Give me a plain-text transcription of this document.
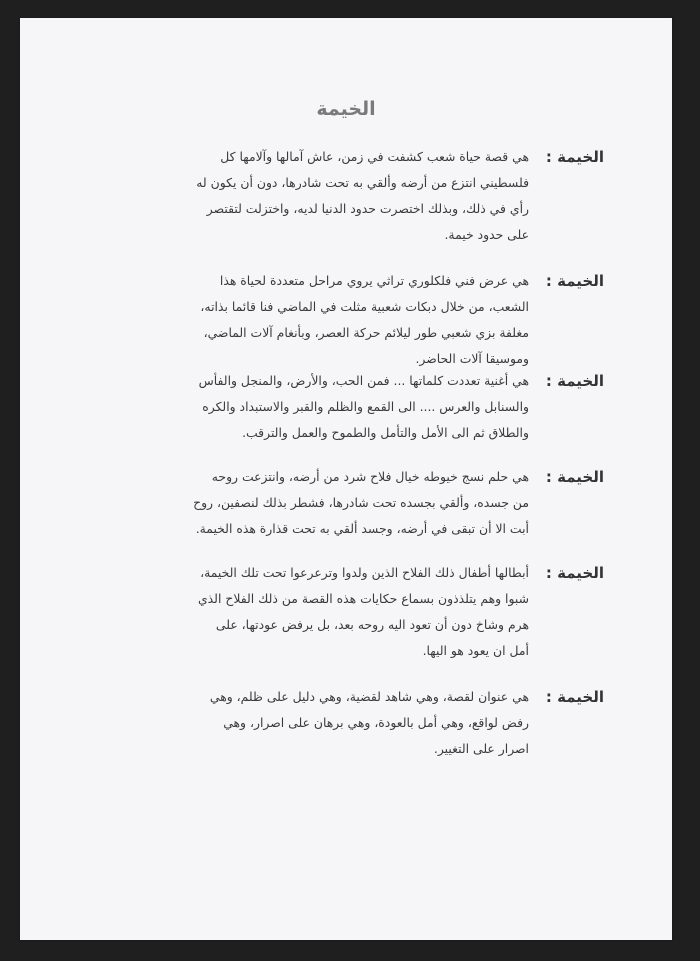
الخيمة
الخيمة :
هي قصة حياة شعب كشفت في زمن، عاش آمالها وآلامها كل
فلسطيني انتزع من أرضه وألقي به تحت شادرها، دون أن يكون له
رأي في ذلك، وبذلك اختصرت حدود الدنيا لديه، واختزلت لتقتصر
على حدود خيمة.
الخيمة :
هي عرض فني فلكلوري تراثي يروي مراحل متعددة لحياة هذا
الشعب، من خلال دبكات شعبية مثلت في الماضي فنا قائما بذاته،
مغلفة بزي شعبي طور ليلائم حركة العصر، وبأنغام آلات الماضي،
وموسيقا آلات الحاضر.
الخيمة :
هي أغنية تعددت كلماتها ... فمن الحب، والأرض، والمنجل والفأس
والسنابل والعرس .... الى القمع والظلم والقبر والاستبداد والكره
والطلاق ثم الى الأمل والتأمل والطموح والعمل والترقب.
الخيمة :
هي حلم نسج خيوطه خيال فلاح شرد من أرضه، وانتزعت روحه
من جسده، وألقي بجسده تحت شادرها، فشطر بذلك لنصفين، روح
أبت الا أن تبقى في أرضه، وجسد ألقي به تحت قذارة هذه الخيمة.
الخيمة :
أبطالها أطفال ذلك الفلاح الذين ولدوا وترعرعوا تحت تلك الخيمة،
شبوا وهم يتلذذون بسماع حكايات هذه القصة من ذلك الفلاح الذي
هرم وشاخ دون أن تعود اليه روحه بعد، بل يرفض عودتها، على
أمل ان يعود هو اليها.
الخيمة :
هي عنوان لقصة، وهي شاهد لقضية، وهي دليل على ظلم، وهي
رفض لواقع، وهي أمل بالعودة، وهي برهان على اصرار، وهي
اصرار على التغيير.
